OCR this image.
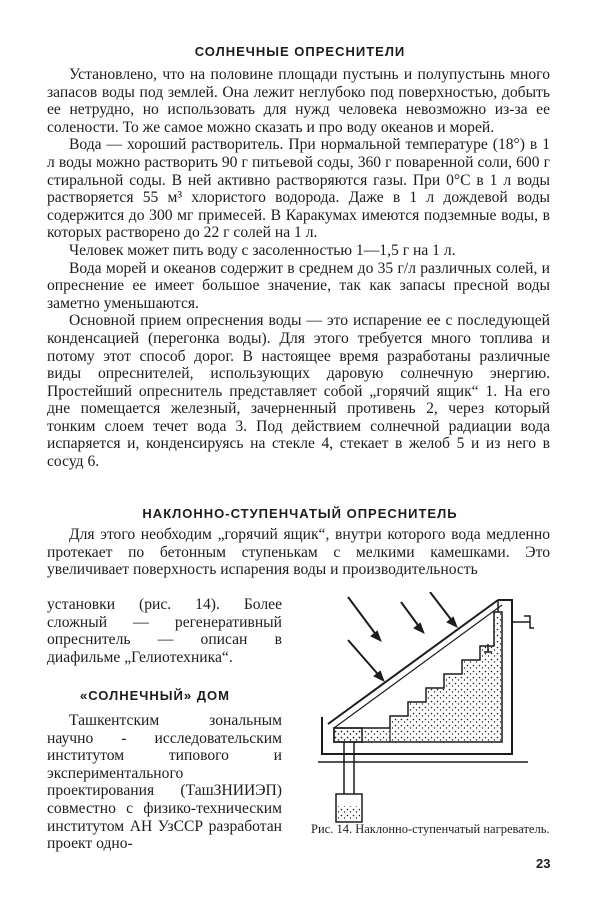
СОЛНЕЧНЫЕ ОПРЕСНИТЕЛИ

Установлено, что на половине площади пустынь и полупустынь много запасов воды под землей. Она лежит неглубоко под поверхностью, добыть ее нетрудно, но использовать для нужд человека невозможно из-за ее солености. То же самое можно сказать и про воду океанов и морей.

Вода — хороший растворитель. При нормальной температуре (18°) в 1 л воды можно растворить 90 г питьевой соды, 360 г поваренной соли, 600 г стиральной соды. В ней активно растворяются газы. При 0°С в 1 л воды растворяется 55 м³ хлористого водорода. Даже в 1 л дождевой воды содержится до 300 мг примесей. В Каракумах имеются подземные воды, в которых растворено до 22 г солей на 1 л.

Человек может пить воду с засоленностью 1—1,5 г на 1 л.

Вода морей и океанов содержит в среднем до 35 г/л различных солей, и опреснение ее имеет большое значение, так как запасы пресной воды заметно уменьшаются.

Основной прием опреснения воды — это испарение ее с последующей конденсацией (перегонка воды). Для этого требуется много топлива и потому этот способ дорог. В настоящее время разработаны различные виды опреснителей, использующих даровую солнечную энергию. Простейший опреснитель представляет собой „горячий ящик“ 1. На его дне помещается железный, зачерненный противень 2, через который тонким слоем течет вода 3. Под действием солнечной радиации вода испаряется и, конденсируясь на стекле 4, стекает в желоб 5 и из него в сосуд 6.

НАКЛОННО-СТУПЕНЧАТЫЙ ОПРЕСНИТЕЛЬ

Для этого необходим „горячий ящик“, внутри которого вода медленно протекает по бетонным ступенькам с мелкими камешками. Это увеличивает поверхность испарения воды и производительность

установки (рис. 14). Более сложный — регенеративный опреснитель — описан в диафильме „Гелиотехника“.

«СОЛНЕЧНЫЙ» ДОМ

Ташкентским зональным научно - исследовательским институтом типового и экспериментального проектирования (ТашЗНИИЭП) совместно с физико-техническим институтом АН УзССР разработан проект одно-

Рис. 14. Наклонно-ступенчатый нагреватель.

23
